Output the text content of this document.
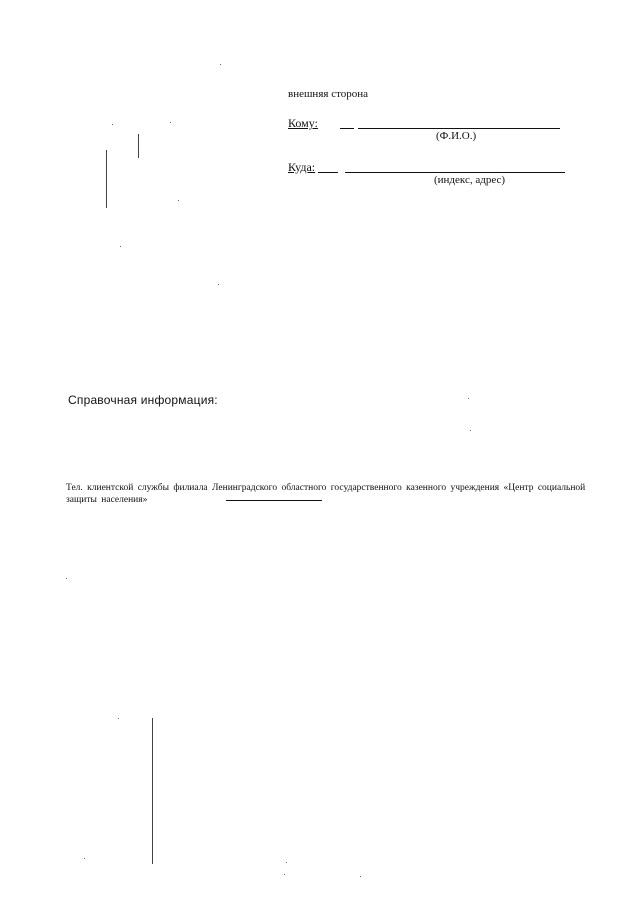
внешняя сторона
Кому:
(Ф.И.О.)
Куда:
(индекс, адрес)
Справочная информация:
Тел. клиентской службы филиала Ленинградского областного государственного казенного учреждения «Центр социальной защиты населения»
